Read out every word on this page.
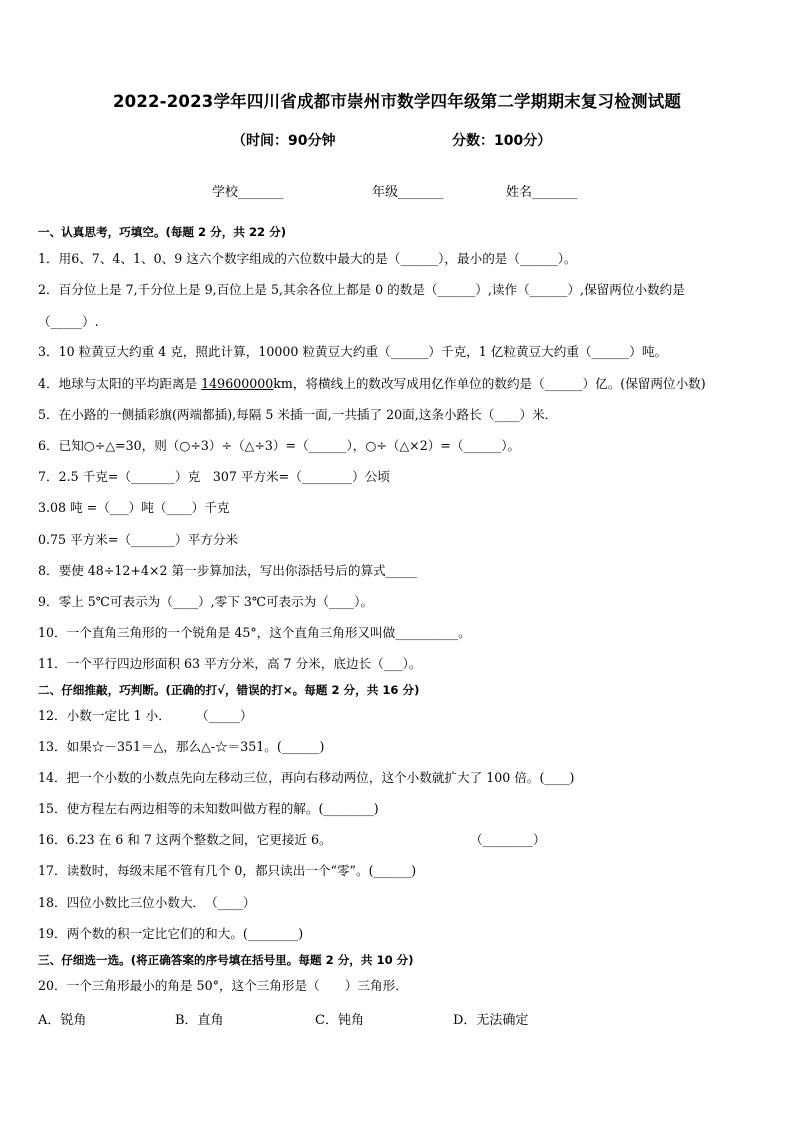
2022-2023学年四川省成都市崇州市数学四年级第二学期期末复习检测试题
（时间：90分钟	分数：100分）
学校_______	年级_______	姓名_______
一、认真思考，巧填空。(每题 2 分，共 22 分)
1．用6、7、4、1、0、9 这六个数字组成的六位数中最大的是（______），最小的是（______）。
2．百分位上是 7,千分位上是 9,百位上是 5,其余各位上都是 0 的数是（______）,读作（______）,保留两位小数约是
（_____）.
3．10 粒黄豆大约重 4 克，照此计算，10000 粒黄豆大约重（______）千克，1 亿粒黄豆大约重（______）吨。
4．地球与太阳的平均距离是 149600000km，将横线上的数改写成用亿作单位的数约是（______）亿。(保留两位小数)
5．在小路的一侧插彩旗(两端都插),每隔 5 米插一面,一共插了 20面,这条小路长（____）米．
6．已知○÷△=30，则（○÷3）÷（△÷3）=（______），○÷（△×2）=（______）。
7．2.5 千克=（_______）克　307 平方米=（________）公顷
3.08 吨 =（___）吨（____）千克
0.75 平方米=（_______）平方分米
8．要使 48÷12+4×2 第一步算加法，写出你添括号后的算式_____
9．零上 5℃可表示为（____）,零下 3℃可表示为（____）。
10．一个直角三角形的一个锐角是 45°，这个直角三角形又叫做__________。
11．一个平行四边形面积 63 平方分米，高 7 分米，底边长（___）。
二、仔细推敲，巧判断。(正确的打√，错误的打×。每题 2 分，共 16 分)
12．小数一定比 1 小．　　　（_____）
13．如果☆－351＝△，那么△-☆＝351。(______)
14．把一个小数的小数点先向左移动三位，再向右移动两位，这个小数就扩大了 100 倍。(____)
15．使方程左右两边相等的未知数叫做方程的解。(________)
16．6.23 在 6 和 7 这两个整数之间，它更接近 6。	（________）
17．读数时，每级末尾不管有几个 0，都只读出一个“零”。(______)
18．四位小数比三位小数大．　（____）
19．两个数的积一定比它们的和大。(________)
三、仔细选一选。(将正确答案的序号填在括号里。每题 2 分，共 10 分)
20．一个三角形最小的角是 50°，这个三角形是（　　）三角形．
A．锐角	B．直角	C．钝角	D．无法确定
